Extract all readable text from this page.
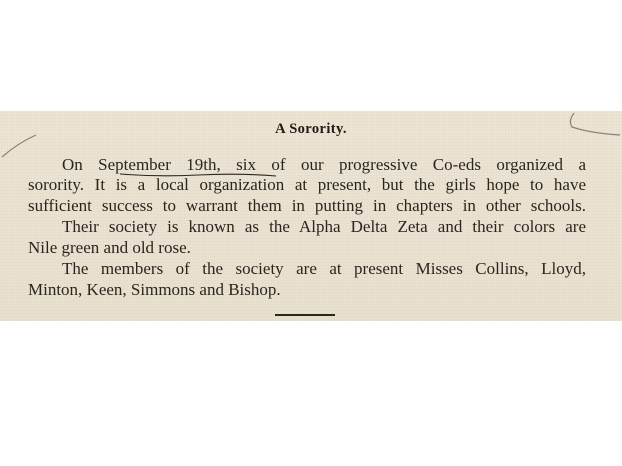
A Sorority.
On September 19th, six of our progressive Co-eds organized a
sorority. It is a local organization at present, but the girls hope to have
sufficient success to warrant them in putting in chapters in other schools.
Their society is known as the Alpha Delta Zeta and their colors are
Nile green and old rose.
The members of the society are at present Misses Collins, Lloyd,
Minton, Keen, Simmons and Bishop.
